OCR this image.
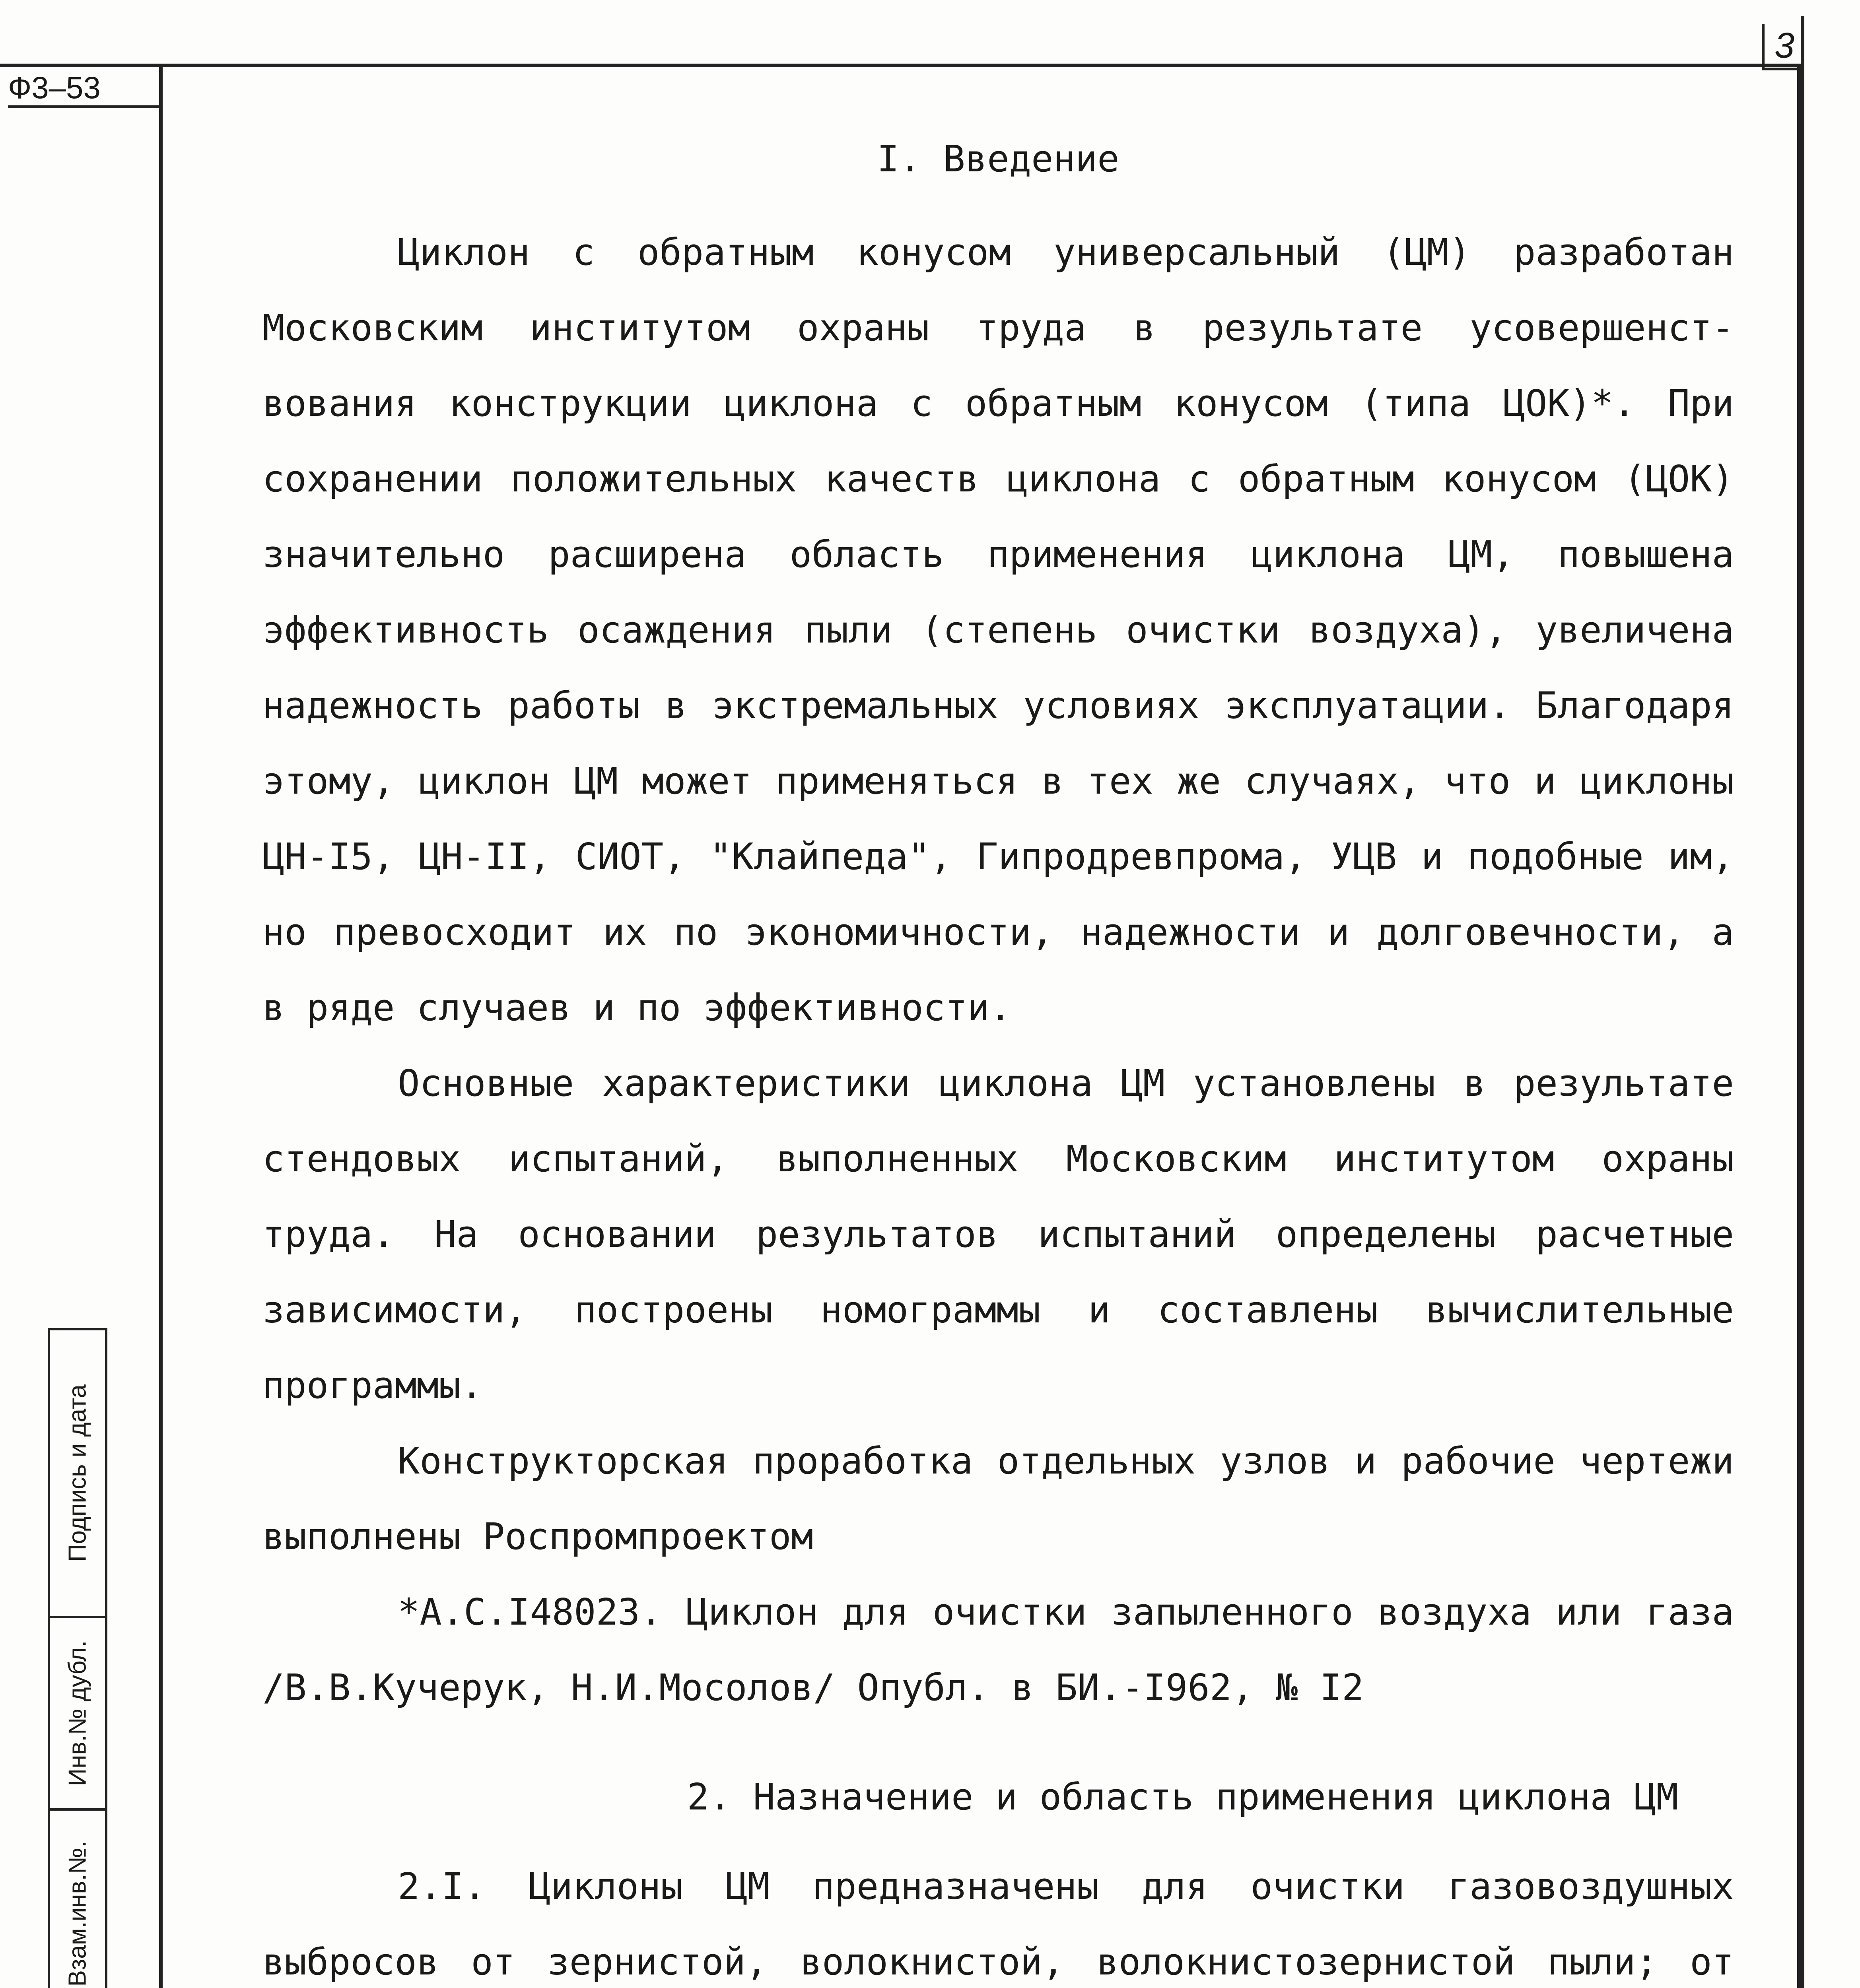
3
Ф3–53
Подпись и дата
Инв.№ дубл.
Взам.инв.№.

I. Введение

Циклон с обратным конусом универсальный (ЦМ) разработан Московским институтом охраны труда в результате усовершенст-вования конструкции циклона с обратным конусом (типа ЦОК)*. При сохранении положительных качеств циклона с обратным конусом (ЦОК) значительно расширена область применения циклона ЦМ, повышена эффективность осаждения пыли (степень очистки воздуха), увеличена надежность работы в экстремальных условиях эксплуатации. Благодаря этому, циклон ЦМ может применяться в тех же случаях, что и циклоны ЦН-I5, ЦН-II, СИОТ, "Клайпеда", Гипродревпрома, УЦВ и подобные им, но превосходит их по экономичности, надежности и долговечности, а в ряде случаев и по эффективности.

Основные характеристики циклона ЦМ установлены в результате стендовых испытаний, выполненных Московским институтом охраны труда. На основании результатов испытаний определены расчетные зависимости, построены номограммы и составлены вычислительные программы.

Конструкторская проработка отдельных узлов и рабочие чертежи выполнены Роспромпроектом

*А.С.I48023. Циклон для очистки запыленного воздуха или газа /В.В.Кучерук, Н.И.Мосолов/ Опубл. в БИ.-I962, № I2

2. Назначение и область применения циклона ЦМ

2.I. Циклоны ЦМ предназначены для очистки газовоздушных выбросов от зернистой, волокнистой, волокнистозернистой пыли; от
